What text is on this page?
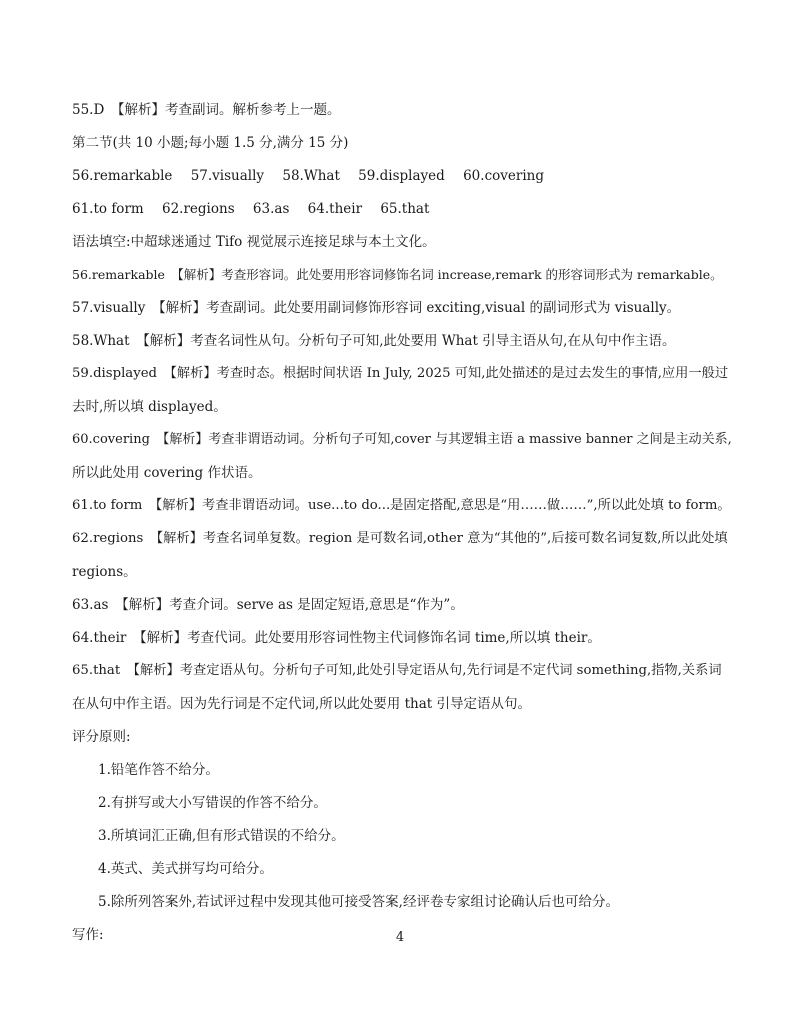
55.D　【解析】考查副词。解析参考上一题。

第二节(共 10 小题;每小题 1.5 分,满分 15 分)

56.remarkable 57.visually 58.What 59.displayed 60.covering

61.to form 62.regions 63.as 64.their 65.that

语法填空:中超球迷通过 Tifo 视觉展示连接足球与本土文化。

56.remarkable　【解析】考查形容词。此处要用形容词修饰名词 increase,remark 的形容词形式为 remarkable。

57.visually　【解析】考查副词。此处要用副词修饰形容词 exciting,visual 的副词形式为 visually。

58.What　【解析】考查名词性从句。分析句子可知,此处要用 What 引导主语从句,在从句中作主语。

59.displayed　【解析】考查时态。根据时间状语 In July, 2025 可知,此处描述的是过去发生的事情,应用一般过

去时,所以填 displayed。

60.covering　【解析】考查非谓语动词。分析句子可知,cover 与其逻辑主语 a massive banner 之间是主动关系,

所以此处用 covering 作状语。

61.to form　【解析】考查非谓语动词。use...to do...是固定搭配,意思是“用……做……”,所以此处填 to form。

62.regions　【解析】考查名词单复数。region 是可数名词,other 意为“其他的”,后接可数名词复数,所以此处填

regions。

63.as　【解析】考查介词。serve as 是固定短语,意思是“作为”。

64.their　【解析】考查代词。此处要用形容词性物主代词修饰名词 time,所以填 their。

65.that　【解析】考查定语从句。分析句子可知,此处引导定语从句,先行词是不定代词 something,指物,关系词

在从句中作主语。因为先行词是不定代词,所以此处要用 that 引导定语从句。

评分原则:

1.铅笔作答不给分。

2.有拼写或大小写错误的作答不给分。

3.所填词汇正确,但有形式错误的不给分。

4.英式、美式拼写均可给分。

5.除所列答案外,若试评过程中发现其他可接受答案,经评卷专家组讨论确认后也可给分。

写作:	4
